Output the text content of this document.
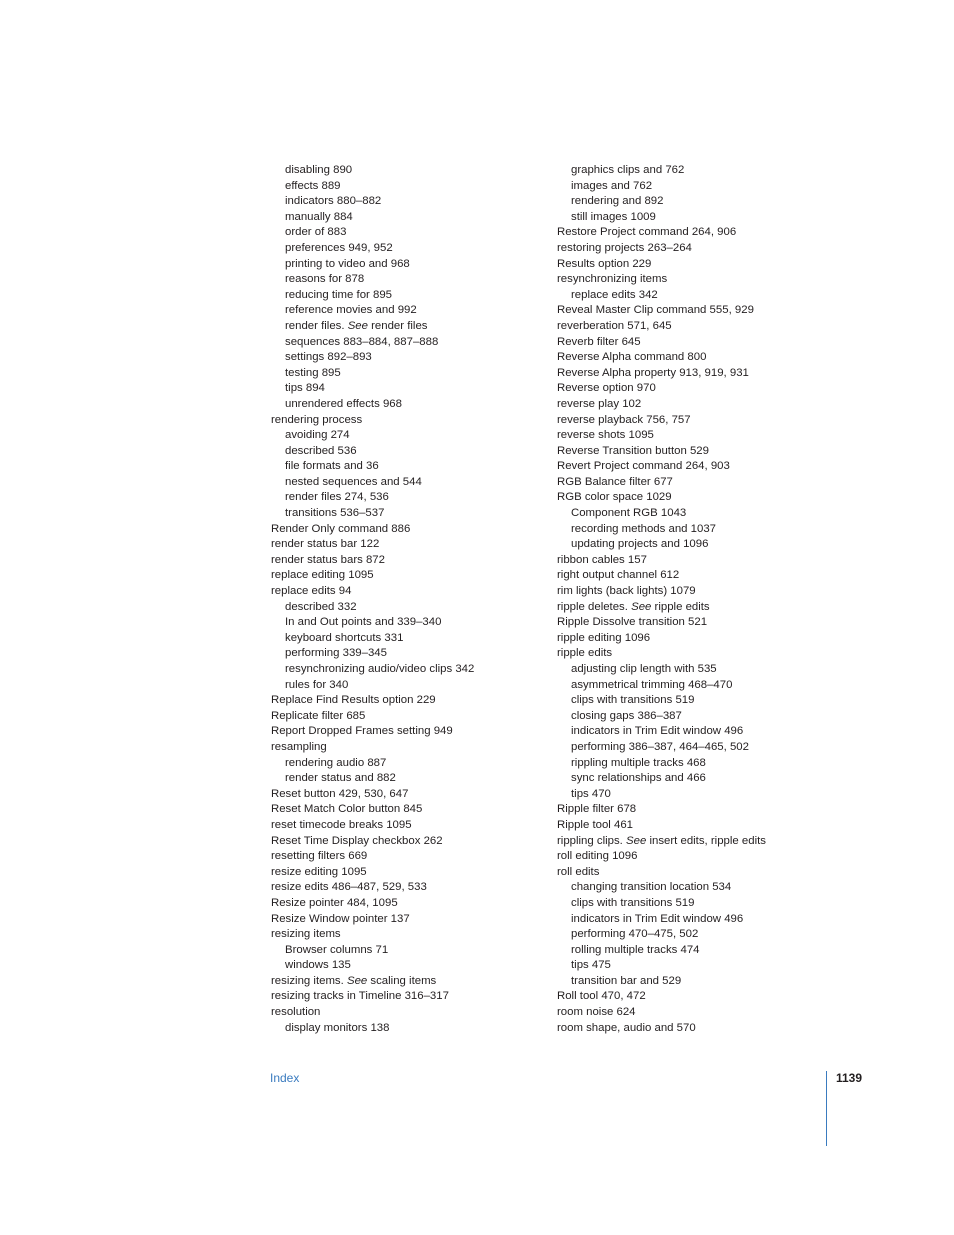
disabling 890
effects 889
indicators 880–882
manually 884
order of 883
preferences 949, 952
printing to video and 968
reasons for 878
reducing time for 895
reference movies and 992
render files. See render files
sequences 883–884, 887–888
settings 892–893
testing 895
tips 894
unrendered effects 968
rendering process
avoiding 274
described 536
file formats and 36
nested sequences and 544
render files 274, 536
transitions 536–537
Render Only command 886
render status bar 122
render status bars 872
replace editing 1095
replace edits 94
described 332
In and Out points and 339–340
keyboard shortcuts 331
performing 339–345
resynchronizing audio/video clips 342
rules for 340
Replace Find Results option 229
Replicate filter 685
Report Dropped Frames setting 949
resampling
rendering audio 887
render status and 882
Reset button 429, 530, 647
Reset Match Color button 845
reset timecode breaks 1095
Reset Time Display checkbox 262
resetting filters 669
resize editing 1095
resize edits 486–487, 529, 533
Resize pointer 484, 1095
Resize Window pointer 137
resizing items
Browser columns 71
windows 135
resizing items. See scaling items
resizing tracks in Timeline 316–317
resolution
display monitors 138
graphics clips and 762
images and 762
rendering and 892
still images 1009
Restore Project command 264, 906
restoring projects 263–264
Results option 229
resynchronizing items
replace edits 342
Reveal Master Clip command 555, 929
reverberation 571, 645
Reverb filter 645
Reverse Alpha command 800
Reverse Alpha property 913, 919, 931
Reverse option 970
reverse play 102
reverse playback 756, 757
reverse shots 1095
Reverse Transition button 529
Revert Project command 264, 903
RGB Balance filter 677
RGB color space 1029
Component RGB 1043
recording methods and 1037
updating projects and 1096
ribbon cables 157
right output channel 612
rim lights (back lights) 1079
ripple deletes. See ripple edits
Ripple Dissolve transition 521
ripple editing 1096
ripple edits
adjusting clip length with 535
asymmetrical trimming 468–470
clips with transitions 519
closing gaps 386–387
indicators in Trim Edit window 496
performing 386–387, 464–465, 502
rippling multiple tracks 468
sync relationships and 466
tips 470
Ripple filter 678
Ripple tool 461
rippling clips. See insert edits, ripple edits
roll editing 1096
roll edits
changing transition location 534
clips with transitions 519
indicators in Trim Edit window 496
performing 470–475, 502
rolling multiple tracks 474
tips 475
transition bar and 529
Roll tool 470, 472
room noise 624
room shape, audio and 570
Index	1139
